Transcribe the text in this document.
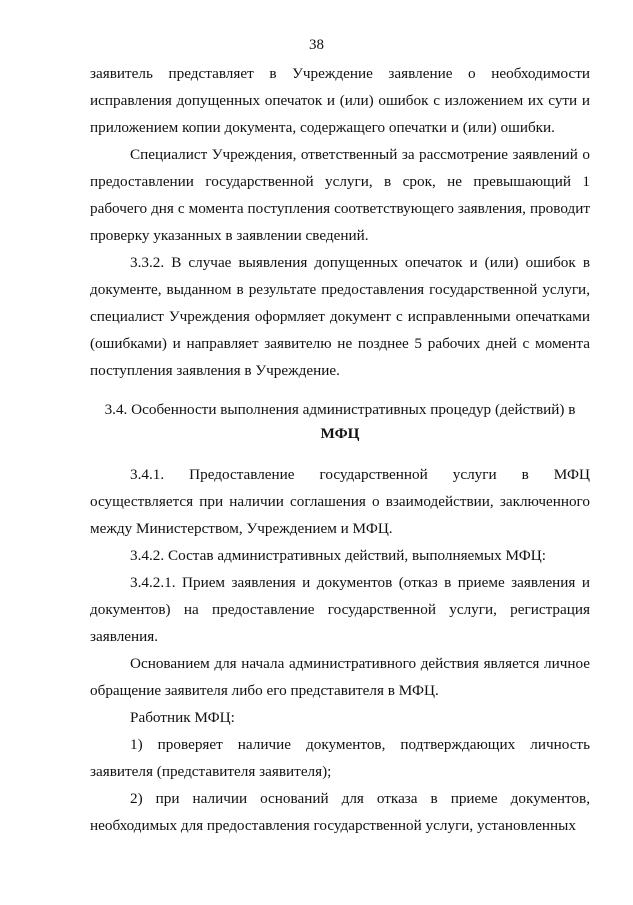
38

заявитель представляет в Учреждение заявление о необходимости исправления допущенных опечаток и (или) ошибок с изложением их сути и приложением копии документа, содержащего опечатки и (или) ошибки.

Специалист Учреждения, ответственный за рассмотрение заявлений о предоставлении государственной услуги, в срок, не превышающий 1 рабочего дня с момента поступления соответствующего заявления, проводит проверку указанных в заявлении сведений.

3.3.2. В случае выявления допущенных опечаток и (или) ошибок в документе, выданном в результате предоставления государственной услуги, специалист Учреждения оформляет документ с исправленными опечатками (ошибками) и направляет заявителю не позднее 5 рабочих дней с момента поступления заявления в Учреждение.

3.4. Особенности выполнения административных процедур (действий) в

МФЦ

3.4.1. Предоставление государственной услуги в МФЦ осуществляется при наличии соглашения о взаимодействии, заключенного между Министерством, Учреждением и МФЦ.

3.4.2. Состав административных действий, выполняемых МФЦ:

3.4.2.1. Прием заявления и документов (отказ в приеме заявления и документов) на предоставление государственной услуги, регистрация заявления.

Основанием для начала административного действия является личное обращение заявителя либо его представителя в МФЦ.

Работник МФЦ:

1) проверяет наличие документов, подтверждающих личность заявителя (представителя заявителя);

2) при наличии оснований для отказа в приеме документов, необходимых для предоставления государственной услуги, установленных
